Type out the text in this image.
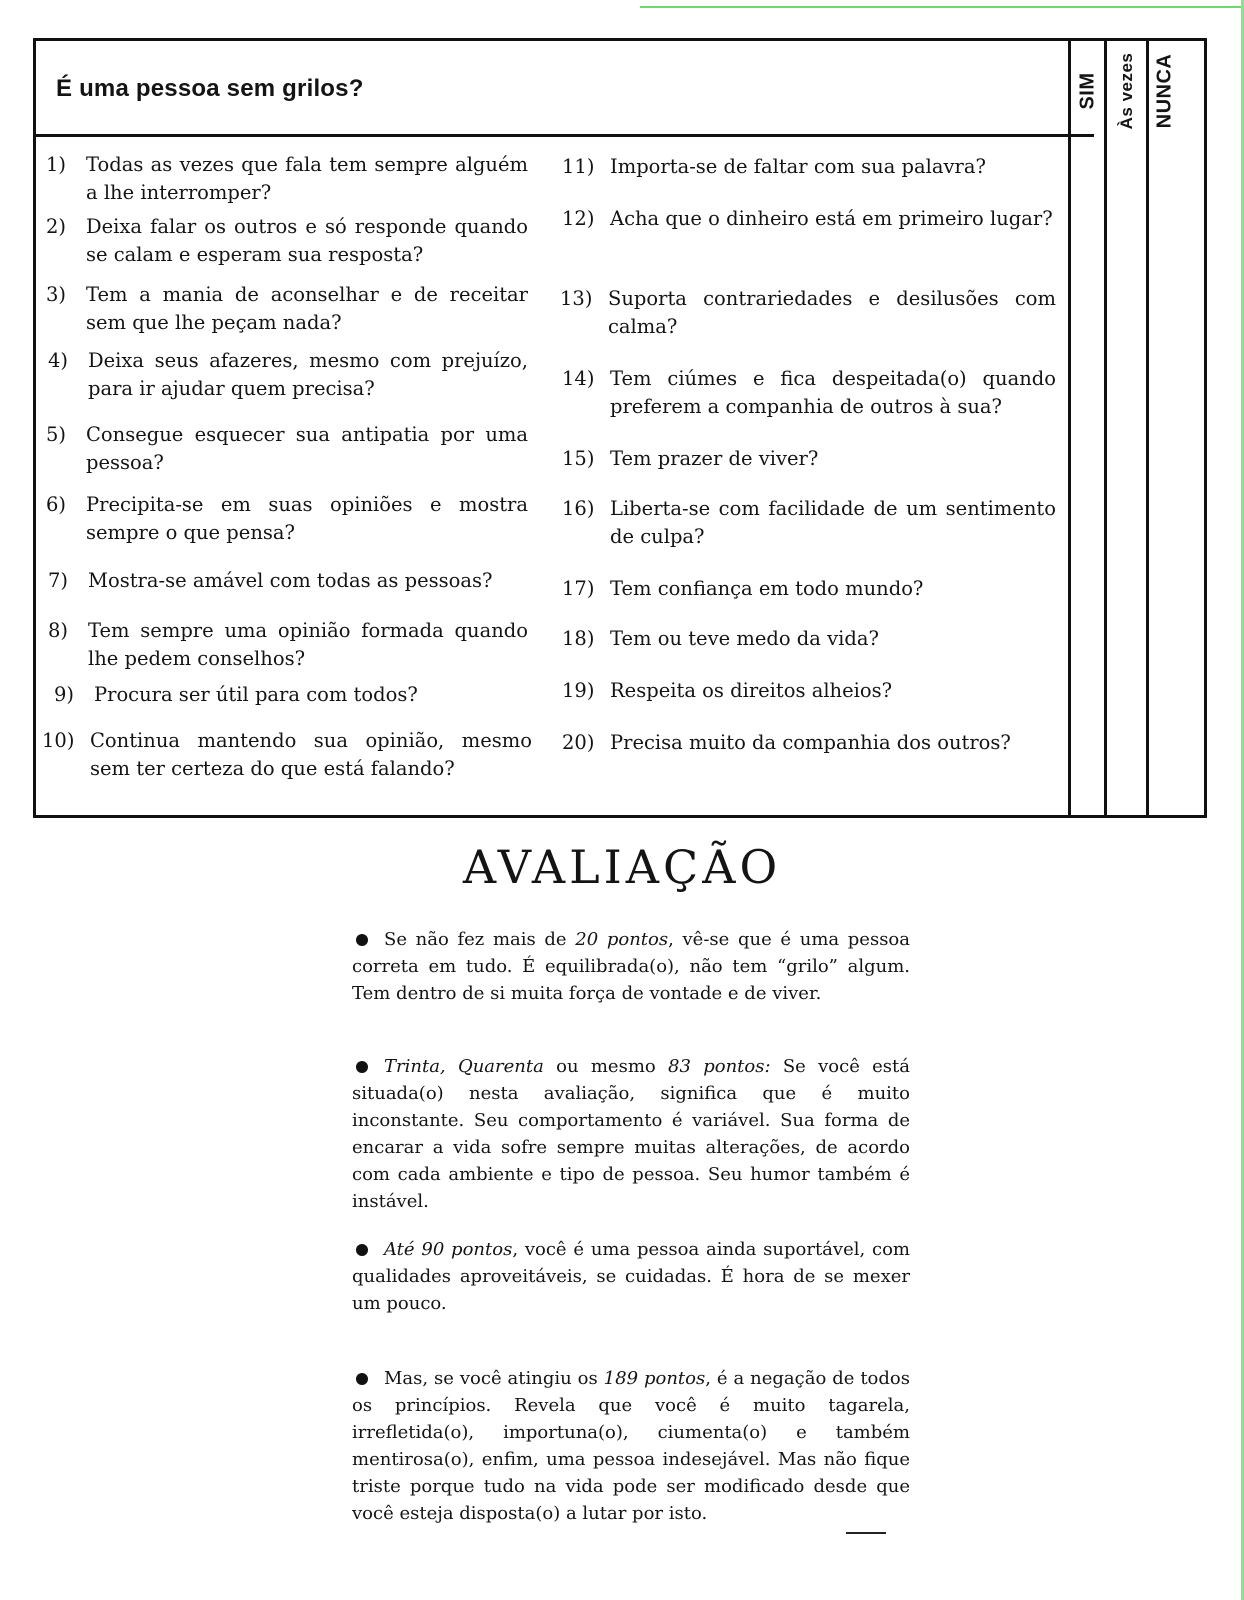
É uma pessoa sem grilos?	SIM Às vezes NUNCA
1)	Todas as vezes que fala tem sempre alguém a lhe interromper?
2)	Deixa falar os outros e só responde quando se calam e esperam sua resposta?
3)	Tem a mania de aconselhar e de receitar sem que lhe peçam nada?
4)	Deixa seus afazeres, mesmo com prejuízo, para ir ajudar quem precisa?
5)	Consegue esquecer sua antipatia por uma pessoa?
6)	Precipita-se em suas opiniões e mostra sempre o que pensa?
7)	Mostra-se amável com todas as pessoas?
8)	Tem sempre uma opinião formada quando lhe pedem conselhos?
9)	Procura ser útil para com todos?
10) Continua mantendo sua opinião, mesmo sem ter certeza do que está falando?
11) Importa-se de faltar com sua palavra?
12) Acha que o dinheiro está em primeiro lugar?
13) Suporta contrariedades e desilusões com calma?
14) Tem ciúmes e fica despeitada(o) quando preferem a companhia de outros à sua?
15) Tem prazer de viver?
16) Liberta-se com facilidade de um sentimento de culpa?
17) Tem confiança em todo mundo?
18) Tem ou teve medo da vida?
19) Respeita os direitos alheios?
20) Precisa muito da companhia dos outros?
AVALIAÇÃO

Se não fez mais de 20 pontos, vê-se que é uma pessoa correta em tudo. É equilibrada(o), não tem “grilo” algum. Tem dentro de si muita força de vontade e de viver.

Trinta, Quarenta ou mesmo 83 pontos: Se você está situada(o) nesta avaliação, significa que é muito inconstante. Seu comportamento é variável. Sua forma de encarar a vida sofre sempre muitas alterações, de acordo com cada ambiente e tipo de pessoa. Seu humor também é instável.

Até 90 pontos, você é uma pessoa ainda suportável, com qualidades aproveitáveis, se cuidadas. É hora de se mexer um pouco.

Mas, se você atingiu os 189 pontos, é a negação de todos os princípios. Revela que você é muito tagarela, irrefletida(o), importuna(o), ciumenta(o) e também mentirosa(o), enfim, uma pessoa indesejável. Mas não fique triste porque tudo na vida pode ser modificado desde que você esteja disposta(o) a lutar por isto.
